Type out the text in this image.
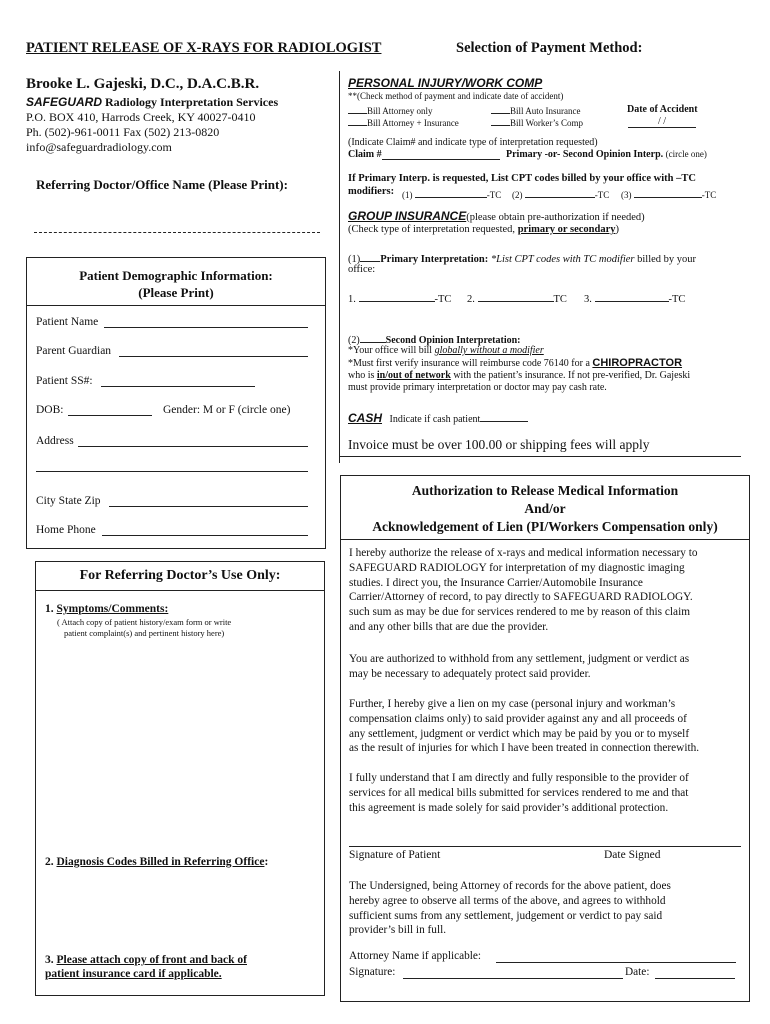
PATIENT RELEASE OF X-RAYS FOR RADIOLOGIST	Selection of Payment Method:
Brooke L. Gajeski, D.C., D.A.C.B.R.
SAFEGUARD Radiology Interpretation Services
P.O. BOX 410, Harrods Creek, KY 40027-0410
Ph. (502)-961-0011 Fax (502) 213-0820
info@safeguardradiology.com
Referring Doctor/Office Name (Please Print):
Patient Demographic Information:
(Please Print)
Patient Name
Parent Guardian
Patient SS#:
DOB:	Gender: M or F (circle one)
Address
City State Zip
Home Phone
For Referring Doctor’s Use Only:
1. Symptoms/Comments:
( Attach copy of patient history/exam form or write
patient complaint(s) and pertinent history here)
2. Diagnosis Codes Billed in Referring Office:
3. Please attach copy of front and back of
patient insurance card if applicable.
PERSONAL INJURY/WORK COMP
**(Check method of payment and indicate date of accident)
Bill Attorney only	Bill Auto Insurance
Bill Attorney + Insurance	Bill Worker’s Comp
Date of Accident
/ /
(Indicate Claim# and indicate type of interpretation requested)
Claim #	Primary -or- Second Opinion Interp. (circle one)
If Primary Interp. is requested, List CPT codes billed by your office with –TC
modifiers: (1)	-TC (2)	-TC (3)	-TC
GROUP INSURANCE(please obtain pre-authorization if needed)
(Check type of interpretation requested, primary or secondary)
(1) Primary Interpretation: *List CPT codes with TC modifier billed by your
office:
1.	-TC 2.	TC 3.	-TC
(2)	Second Opinion Interpretation:
*Your office will bill globally without a modifier
*Must first verify insurance will reimburse code 76140 for a CHIROPRACTOR
who is in/out of network with the patient’s insurance. If not pre-verified, Dr. Gajeski
must provide primary interpretation or doctor may pay cash rate.
CASH Indicate if cash patient
Invoice must be over 100.00 or shipping fees will apply
Authorization to Release Medical Information
And/or
Acknowledgement of Lien (PI/Workers Compensation only)
I hereby authorize the release of x-rays and medical information necessary to
SAFEGUARD RADIOLOGY for interpretation of my diagnostic imaging
studies. I direct you, the Insurance Carrier/Automobile Insurance
Carrier/Attorney of record, to pay directly to SAFEGUARD RADIOLOGY.
such sum as may be due for services rendered to me by reason of this claim
and any other bills that are due the provider.
You are authorized to withhold from any settlement, judgment or verdict as
may be necessary to adequately protect said provider.
Further, I hereby give a lien on my case (personal injury and workman’s
compensation claims only) to said provider against any and all proceeds of
any settlement, judgment or verdict which may be paid by you or to myself
as the result of injuries for which I have been treated in connection therewith.
I fully understand that I am directly and fully responsible to the provider of
services for all medical bills submitted for services rendered to me and that
this agreement is made solely for said provider’s additional protection.
Signature of Patient	Date Signed
The Undersigned, being Attorney of records for the above patient, does
hereby agree to observe all terms of the above, and agrees to withhold
sufficient sums from any settlement, judgement or verdict to pay said
provider’s bill in full.
Attorney Name if applicable:
Signature:	Date:
